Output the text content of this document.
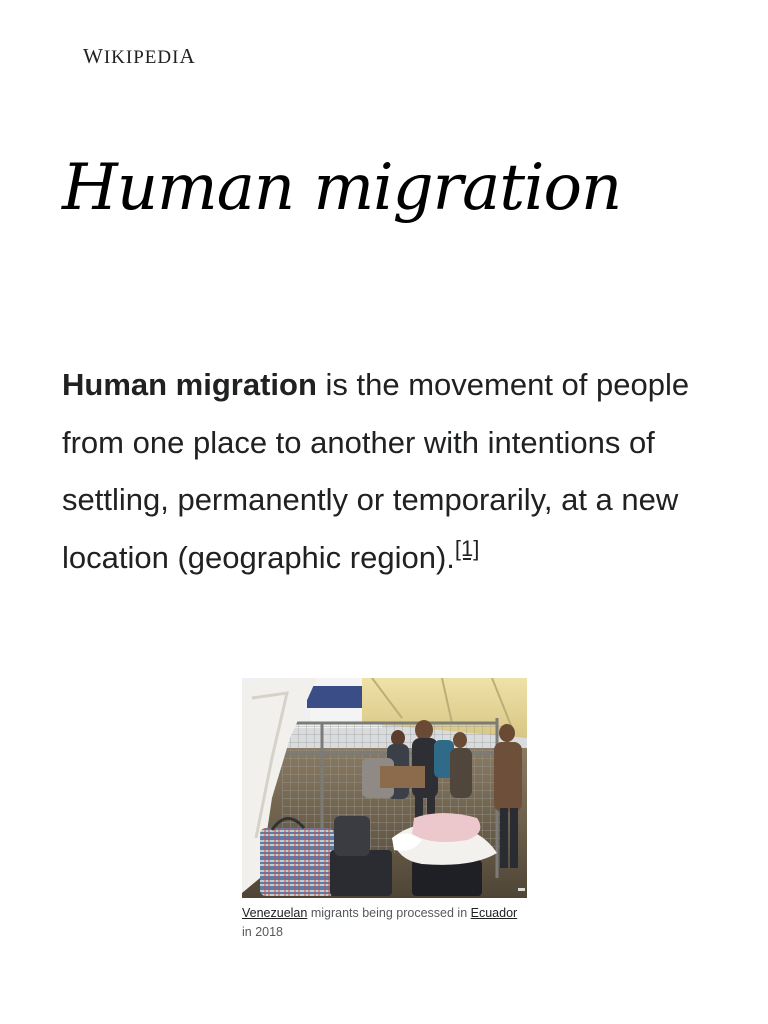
WIKIPEDIA
Human migration

Human migration is the movement of people from one place to another with intentions of settling, permanently or temporarily, at a new location (geographic region).[1]

Venezuelan migrants being processed in Ecuador in 2018
